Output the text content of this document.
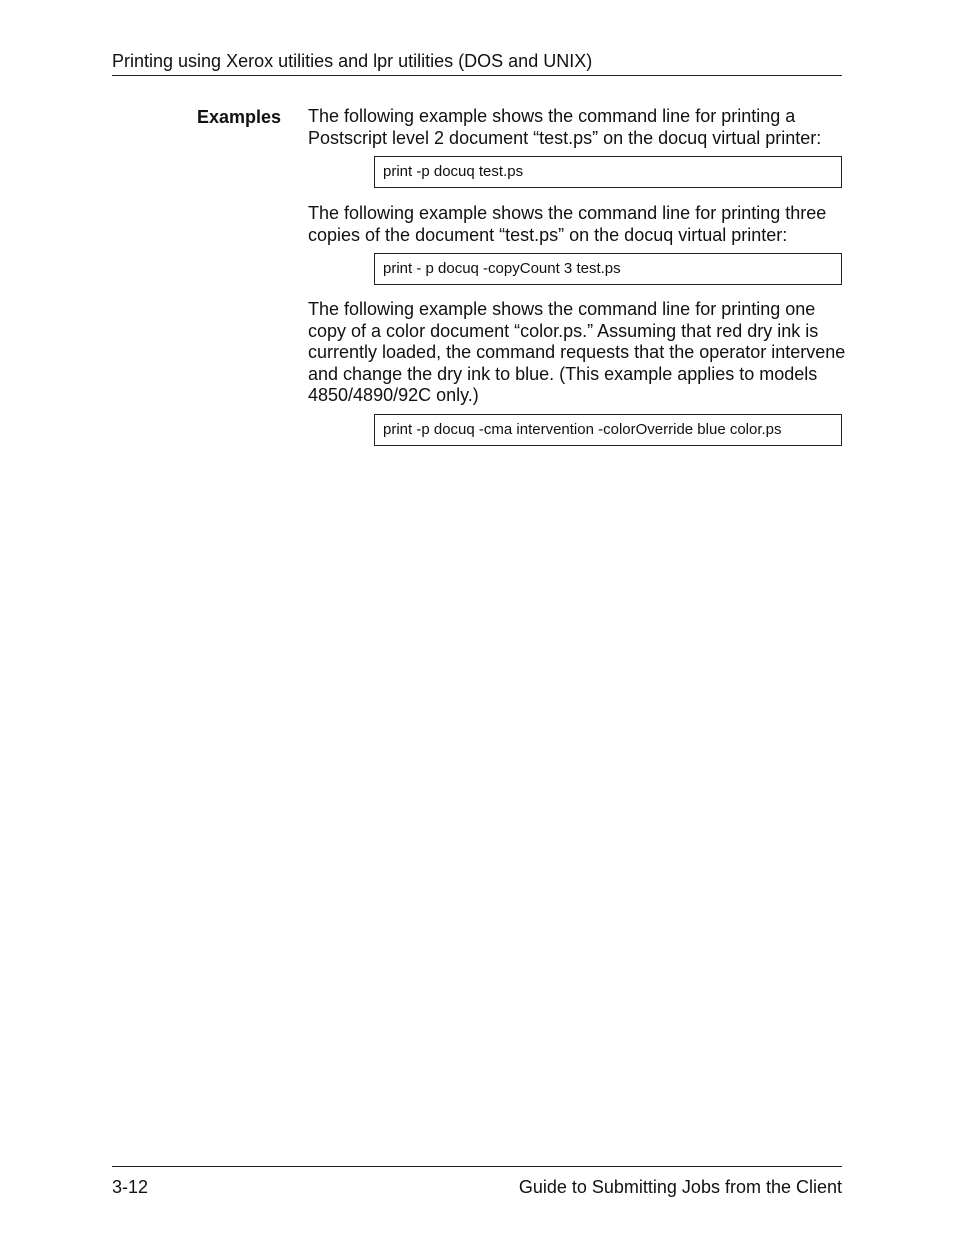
Printing using Xerox utilities and lpr utilities (DOS and UNIX)
Examples The following example shows the command line for printing a Postscript level 2 document “test.ps” on the docuq virtual printer:

print -p docuq test.ps

The following example shows the command line for printing three copies of the document “test.ps” on the docuq virtual printer:

print - p docuq -copyCount 3 test.ps

The following example shows the command line for printing one copy of a color document “color.ps.” Assuming that red dry ink is currently loaded, the command requests that the operator intervene and change the dry ink to blue. (This example applies to models 4850/4890/92C only.)

print -p docuq -cma intervention -colorOverride blue color.ps
3-12	Guide to Submitting Jobs from the Client
